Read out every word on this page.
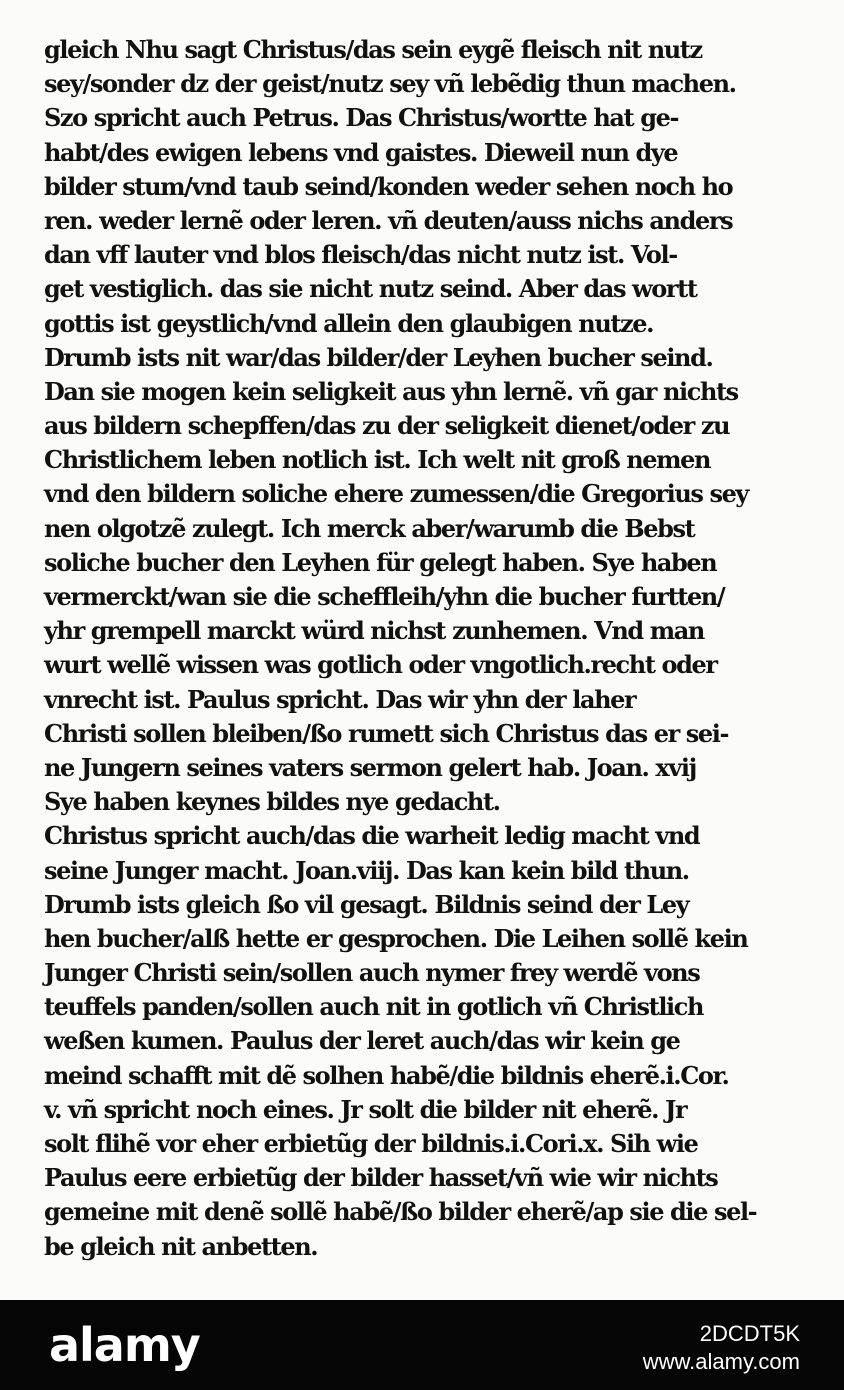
gleich Nhu sagt Christus/das sein eygẽ fleisch nit nutz
sey/sonder dz der geist/nutz sey vñ lebẽdig thun machen.
Szo spricht auch Petrus. Das Christus/wortte hat ge-
habt/des ewigen lebens vnd gaistes. Dieweil nun dye
bilder stum/vnd taub seind/konden weder sehen noch ho
ren. weder lernẽ oder leren. vñ deuten/auss nichs anders
dan vff lauter vnd blos fleisch/das nicht nutz ist. Vol-
get vestiglich. das sie nicht nutz seind. Aber das wortt
gottis ist geystlich/vnd allein den glaubigen nutze.
Drumb ists nit war/das bilder/der Leyhen bucher seind.
Dan sie mogen kein seligkeit aus yhn lernẽ. vñ gar nichts
aus bildern schepffen/das zu der seligkeit dienet/oder zu
Christlichem leben notlich ist. Ich welt nit groß nemen
vnd den bildern soliche ehere zumessen/die Gregorius sey
nen olgotzẽ zulegt. Ich merck aber/warumb die Bebst
soliche bucher den Leyhen für gelegt haben. Sye haben
vermerckt/wan sie die scheffleih/yhn die bucher furtten/
yhr grempell marckt würd nichst zunhemen. Vnd man
wurt wellẽ wissen was gotlich oder vngotlich.recht oder
vnrecht ist. Paulus spricht. Das wir yhn der laher
Christi sollen bleiben/ßo rumett sich Christus das er sei-
ne Jungern seines vaters sermon gelert hab. Joan. xvij
Sye haben keynes bildes nye gedacht.
Christus spricht auch/das die warheit ledig macht vnd
seine Junger macht. Joan.viij. Das kan kein bild thun.
Drumb ists gleich ßo vil gesagt. Bildnis seind der Ley
hen bucher/alß hette er gesprochen. Die Leihen sollẽ kein
Junger Christi sein/sollen auch nymer frey werdẽ vons
teuffels panden/sollen auch nit in gotlich vñ Christlich
weßen kumen. Paulus der leret auch/das wir kein ge
meind schafft mit dẽ solhen habẽ/die bildnis eherẽ.i.Cor.
v. vñ spricht noch eines. Jr solt die bilder nit eherẽ. Jr
solt flihẽ vor eher erbietũg der bildnis.i.Cori.x. Sih wie
Paulus eere erbietũg der bilder hasset/vñ wie wir nichts
gemeine mit denẽ sollẽ habẽ/ßo bilder eherẽ/ap sie die sel-
be gleich nit anbetten.
alamy	2DCDT5K
www.alamy.com
